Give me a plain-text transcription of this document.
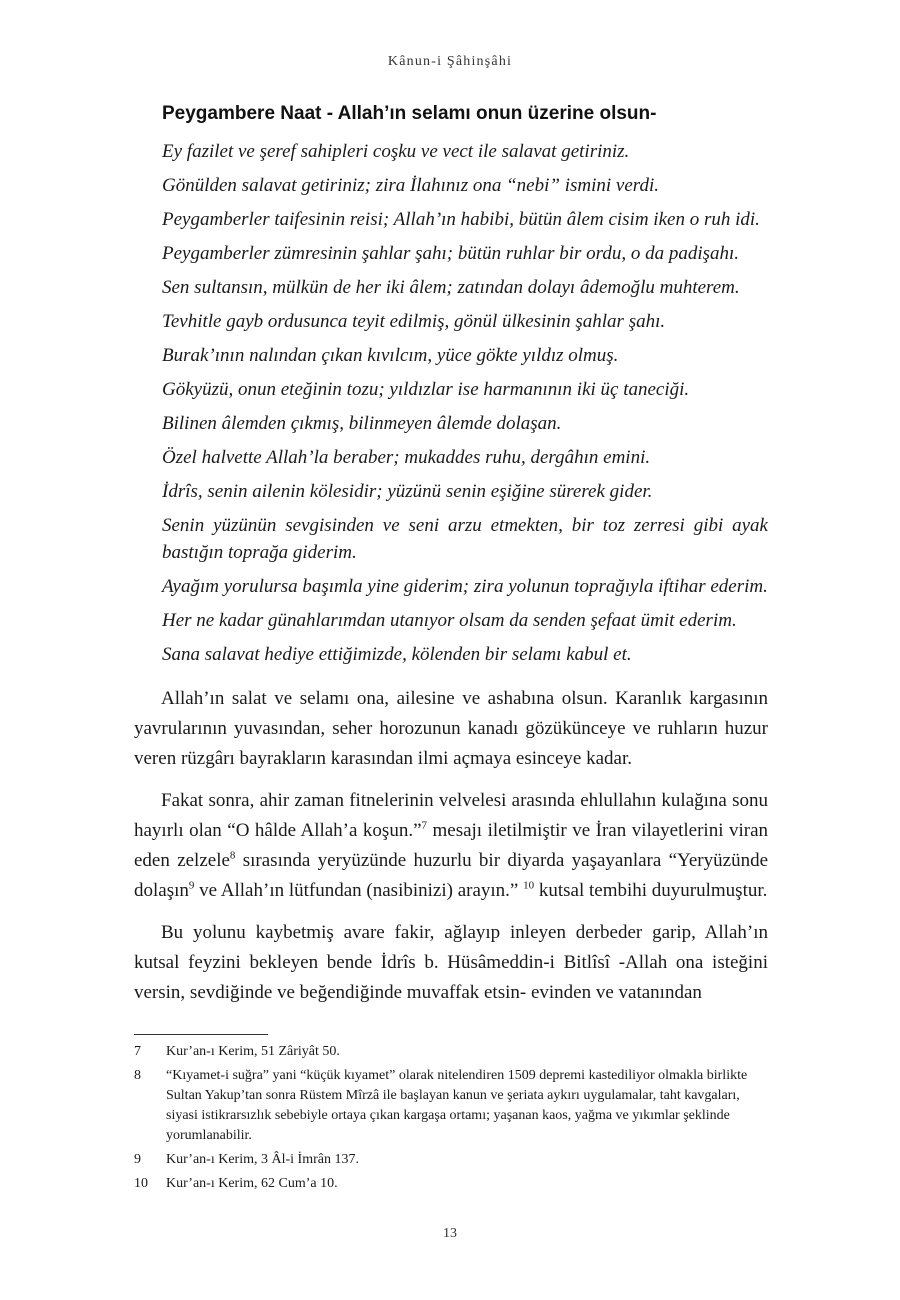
Kânun-i Şâhinşâhi
Peygambere Naat - Allah’ın selamı onun üzerine olsun-
Ey fazilet ve şeref sahipleri coşku ve vect ile salavat getiriniz.
Gönülden salavat getiriniz; zira İlahınız ona “nebi” ismini verdi.
Peygamberler taifesinin reisi; Allah’ın habibi, bütün âlem cisim iken o ruh idi.
Peygamberler zümresinin şahlar şahı; bütün ruhlar bir ordu, o da padişahı.
Sen sultansın, mülkün de her iki âlem; zatından dolayı âdemoğlu muhterem.
Tevhitle gayb ordusunca teyit edilmiş, gönül ülkesinin şahlar şahı.
Burak’ının nalından çıkan kıvılcım, yüce gökte yıldız olmuş.
Gökyüzü, onun eteğinin tozu; yıldızlar ise harmanının iki üç taneciği.
Bilinen âlemden çıkmış, bilinmeyen âlemde dolaşan.
Özel halvette Allah’la beraber; mukaddes ruhu, dergâhın emini.
İdrîs, senin ailenin kölesidir; yüzünü senin eşiğine sürerek gider.
Senin yüzünün sevgisinden ve seni arzu etmekten, bir toz zerresi gibi ayak bastığın toprağa giderim.
Ayağım yorulursa başımla yine giderim; zira yolunun toprağıyla iftihar ederim.
Her ne kadar günahlarımdan utanıyor olsam da senden şefaat ümit ederim.
Sana salavat hediye ettiğimizde, kölenden bir selamı kabul et.

Allah’ın salat ve selamı ona, ailesine ve ashabına olsun. Karanlık kargasının yavrularının yuvasından, seher horozunun kanadı gözükünceye ve ruhların huzur veren rüzgârı bayrakların karasından ilmi açmaya esinceye kadar.

Fakat sonra, ahir zaman fitnelerinin velvelesi arasında ehlullahın kulağına sonu hayırlı olan “O hâlde Allah’a koşun.”$^7$ mesajı iletilmiştir ve İran vilayetlerini viran eden zelzele$^8$ sırasında yeryüzünde huzurlu bir diyarda yaşayanlara “Yeryüzünde dolaşın$^9$ ve Allah’ın lütfundan (nasibinizi) arayın.” $^{10}$ kutsal tembihi duyurulmuştur.

Bu yolunu kaybetmiş avare fakir, ağlayıp inleyen derbeder garip, Allah’ın kutsal feyzini bekleyen bende İdrîs b. Hüsâmeddin-i Bitlîsî -Allah ona isteğini versin, sevdiğinde ve beğendiğinde muvaffak etsin- evinden ve vatanından

7	Kur’an-ı Kerim, 51 Zâriyât 50.
8	“Kıyamet-i suğra” yani “küçük kıyamet” olarak nitelendiren 1509 depremi kastediliyor olmakla birlikte Sultan Yakup’tan sonra Rüstem Mîrzâ ile başlayan kanun ve şeriata aykırı uygulamalar, taht kavgaları, siyasi istikrarsızlık sebebiyle ortaya çıkan kargaşa ortamı; yaşanan kaos, yağma ve yıkımlar şeklinde yorumlanabilir.
9	Kur’an-ı Kerim, 3 Âl-i İmrân 137.
10	Kur’an-ı Kerim, 62 Cum’a 10.
13
